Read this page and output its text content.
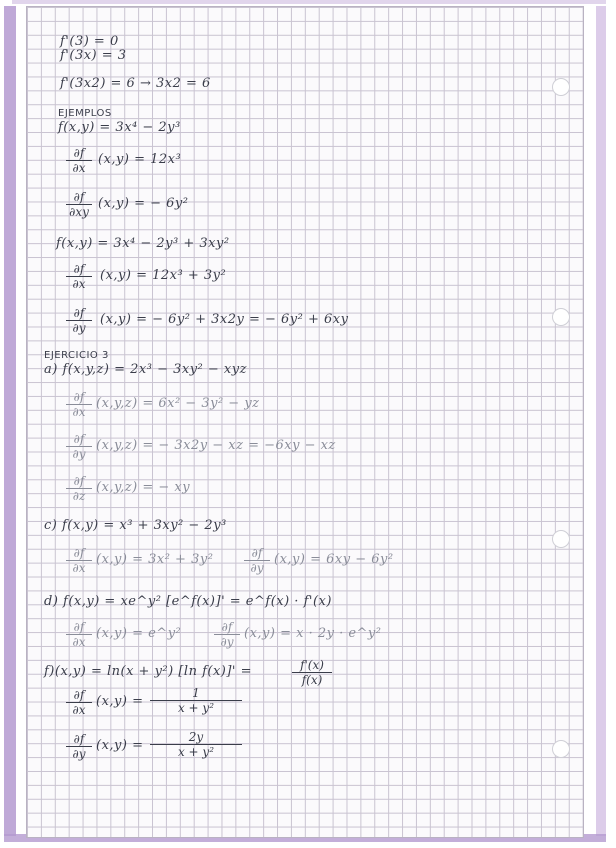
f'(3) = 0
f'(3x) = 3
f'(3x2) = 6 → 3x2 = 6
EJEMPLOS
f(x,y) = 3x⁴ − 2y³
$\frac{\partial f}{\partial x} (x,y) = 12x^3$
$\frac{\partial f}{\partial xy} (x,y)$ = − 6y²
f(x,y) = 3x⁴ − 2y³ + 3xy²
$\frac{\partial f}{\partial x} (x,y) = 12x^3 + 3y^2$
$\frac{\partial f}{\partial y} (x,y)$ = − 6y² + 3x2y = − 6y² + 6xy
EJERCICIO 3
a) f(x,y,z) = 2x³ − 3xy² − xyz
$\frac{\partial f}{\partial x} (x,y,z) = 6x^2 - 3y^2$ − yz
$\frac{\partial f}{\partial y} (x,y,z)$ = − 3x2y − xz = −6xy − xz
$\frac{\partial f}{\partial z} (x,y,z)$ = − xy
c) f(x,y) = x³ + 3xy² − 2y³
$\frac{\partial f}{\partial x} (x,y) = 3x^2 + 3y^2$	$\frac{\partial f}{\partial y} (x,y) = 6xy - 6y^2$
d) f(x,y) = xe^y² [e^f(x)]' = e^f(x) · f'(x)
$\frac{\partial f}{\partial x} (x,y)$ = e^y²	$\frac{\partial f}{\partial y} (x,y) = x \cdot 2y$ · e^y²
f)(x,y) = ln(x + y²) [ln f(x)]' =	$\frac{f'(x)}{f(x)}$
$\frac{\partial f}{\partial x} (x,y) = \frac{1}{\text{x + y²}}$
$\frac{\partial f}{\partial y} (x,y) = \frac{2y}{\text{x + y²}}$
